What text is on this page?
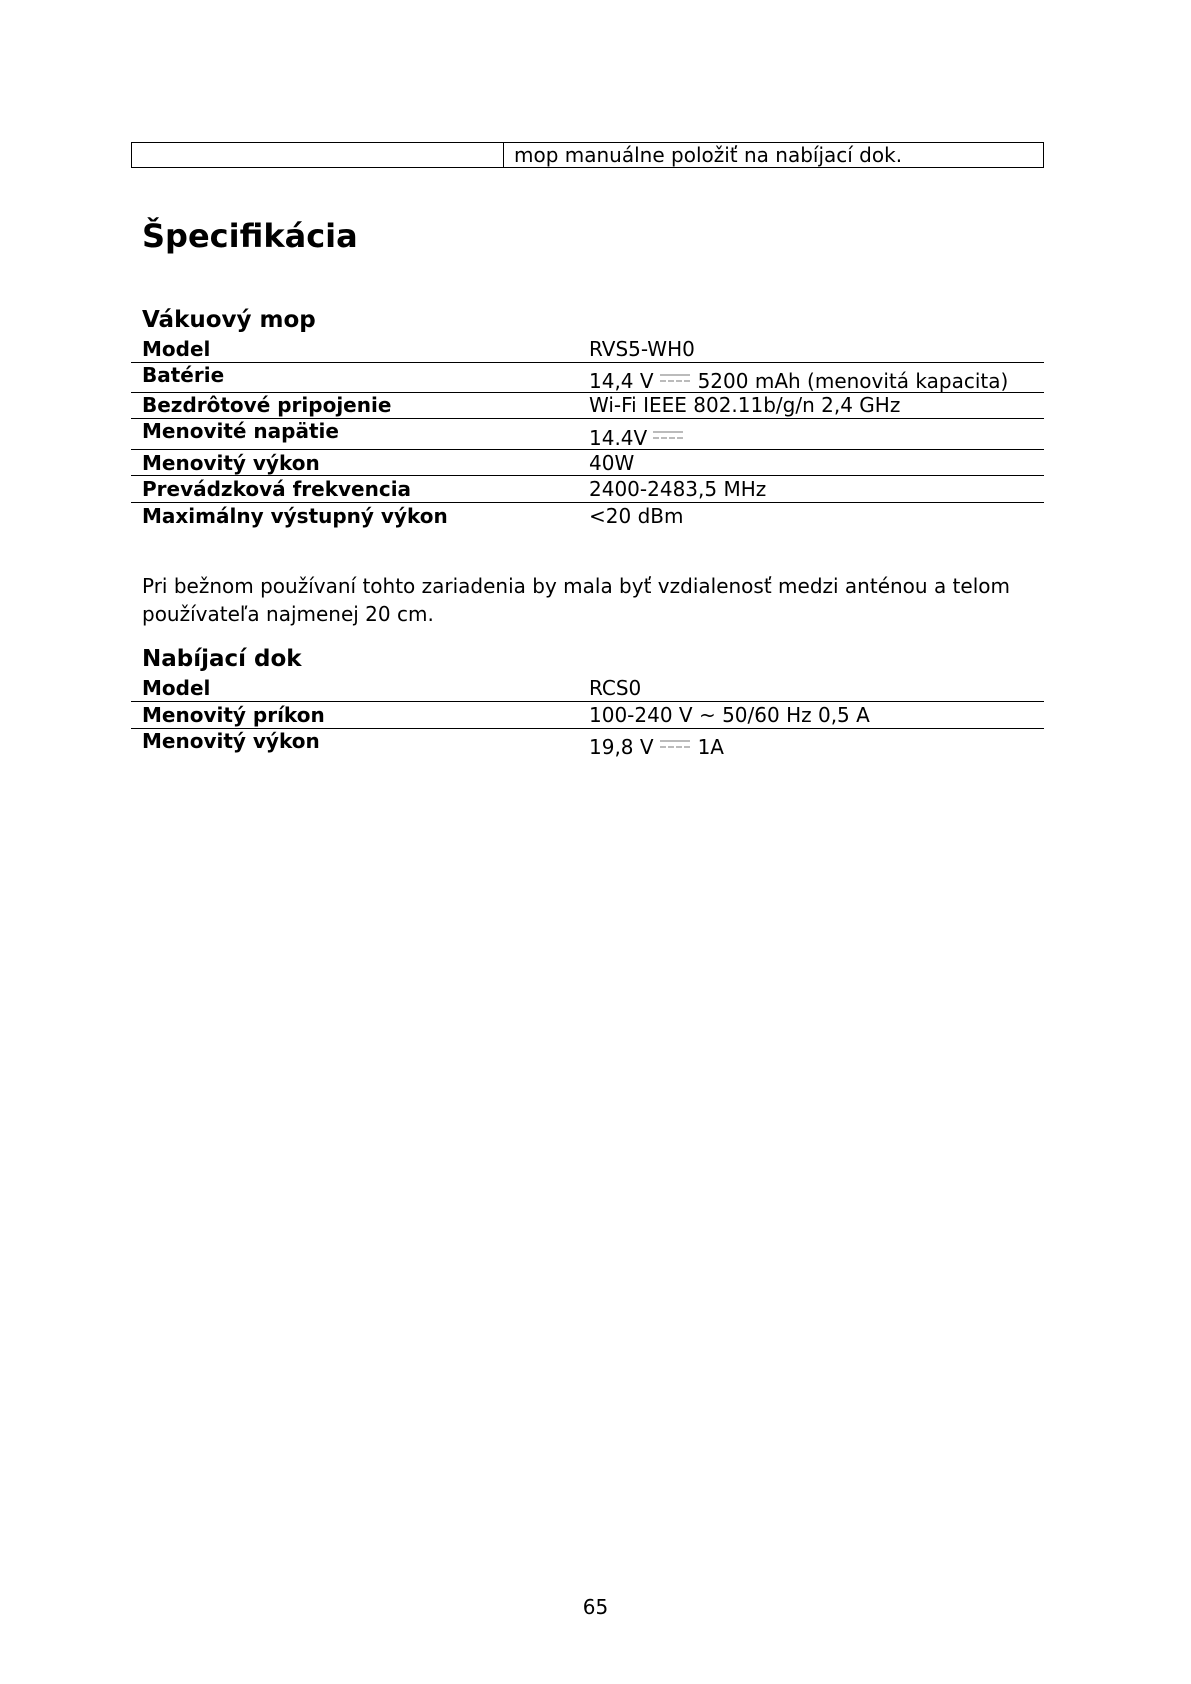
mop manuálne položiť na nabíjací dok.
Špecifikácia
Vákuový mop
Model	RVS5-WH0
Batérie	14,4 V 5200 mAh (menovitá kapacita)
Bezdrôtové pripojenie	Wi-Fi IEEE 802.11b/g/n 2,4 GHz
Menovité napätie	14.4V
Menovitý výkon	40W
Prevádzková frekvencia	2400-2483,5 MHz
Maximálny výstupný výkon	<20 dBm

Pri bežnom používaní tohto zariadenia by mala byť vzdialenosť medzi anténou a telom používateľa najmenej 20 cm.

Nabíjací dok
Model	RCS0
Menovitý príkon	100-240 V ~ 50/60 Hz 0,5 A
Menovitý výkon	19,8 V 1A
65
